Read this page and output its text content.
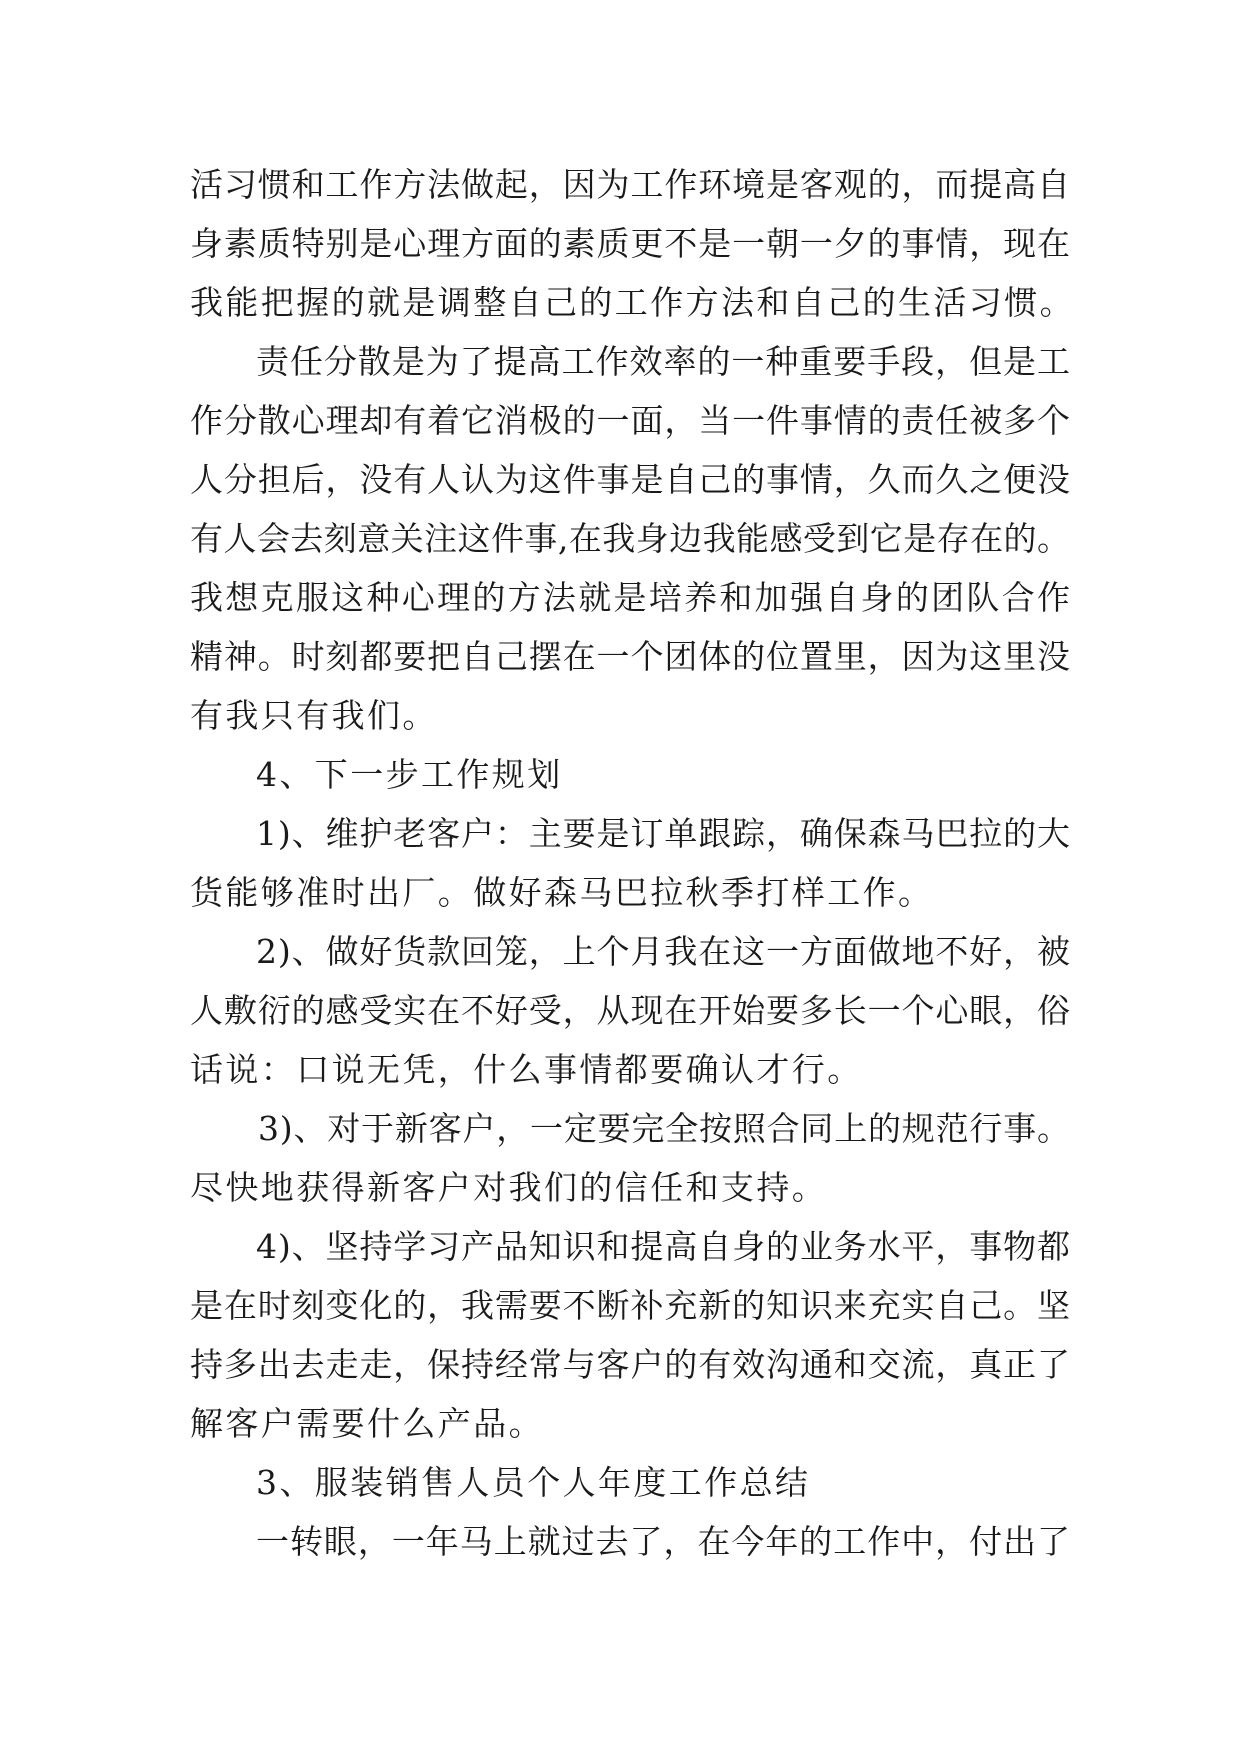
活习惯和工作方法做起，因为工作环境是客观的，而提高自
身素质特别是心理方面的素质更不是一朝一夕的事情，现在
我能把握的就是调整自己的工作方法和自己的生活习惯。
责任分散是为了提高工作效率的一种重要手段，但是工
作分散心理却有着它消极的一面，当一件事情的责任被多个
人分担后，没有人认为这件事是自己的事情，久而久之便没
有人会去刻意关注这件事,在我身边我能感受到它是存在的。
我想克服这种心理的方法就是培养和加强自身的团队合作
精神。时刻都要把自己摆在一个团体的位置里，因为这里没
有我只有我们。
4、下一步工作规划
1)、维护老客户：主要是订单跟踪，确保森马巴拉的大
货能够准时出厂。做好森马巴拉秋季打样工作。
2)、做好货款回笼，上个月我在这一方面做地不好，被
人敷衍的感受实在不好受，从现在开始要多长一个心眼，俗
话说：口说无凭，什么事情都要确认才行。
3)、对于新客户，一定要完全按照合同上的规范行事。
尽快地获得新客户对我们的信任和支持。
4)、坚持学习产品知识和提高自身的业务水平，事物都
是在时刻变化的，我需要不断补充新的知识来充实自己。坚
持多出去走走，保持经常与客户的有效沟通和交流，真正了
解客户需要什么产品。
3、服装销售人员个人年度工作总结
一转眼，一年马上就过去了，在今年的工作中，付出了
